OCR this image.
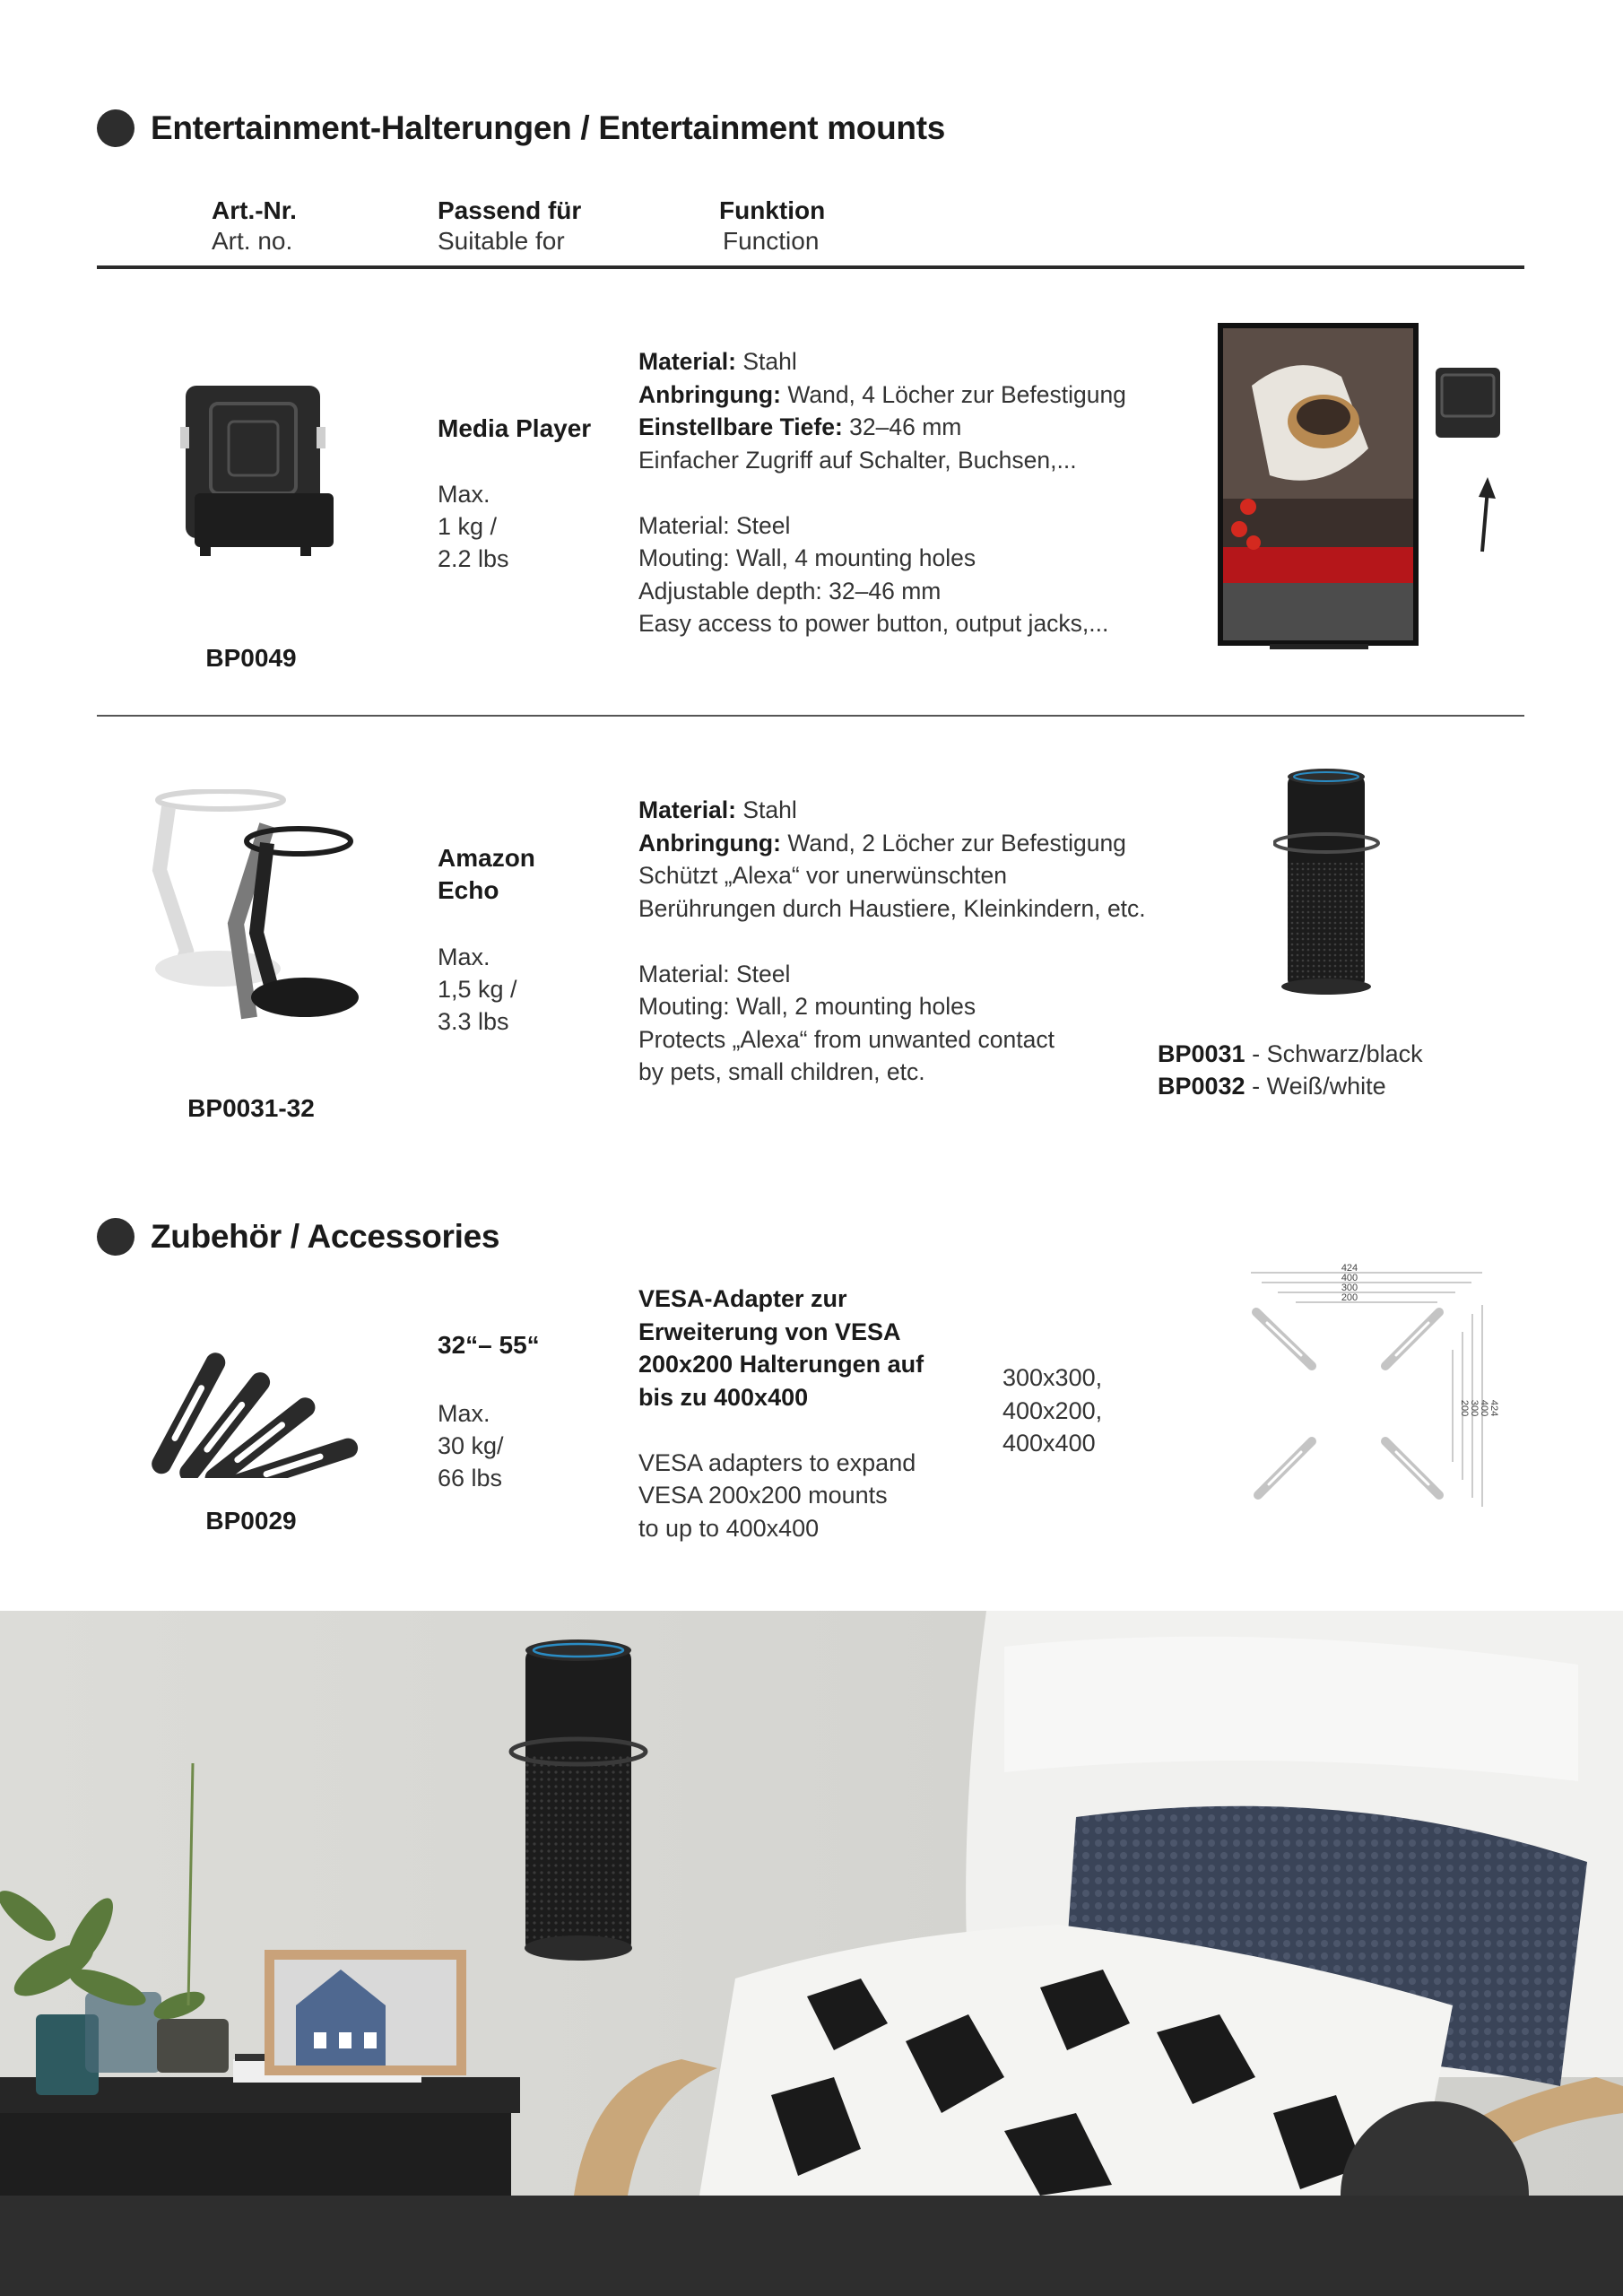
Entertainment-Halterungen / Entertainment mounts
Art.-Nr.
Art. no.
Passend für
Suitable for
Funktion
Function
BP0049
Media Player
Max.
1 kg /
2.2 lbs
Material: Stahl
Anbringung: Wand, 4 Löcher zur Befestigung
Einstellbare Tiefe: 32–46 mm
Einfacher Zugriff auf Schalter, Buchsen,...
Material: Steel
Mouting: Wall, 4 mounting holes
Adjustable depth: 32–46 mm
Easy access to power button, output jacks,...
BP0031-32
Amazon
Echo
Max.
1,5 kg /
3.3 lbs
Material: Stahl
Anbringung: Wand, 2 Löcher zur Befestigung
Schützt „Alexa“ vor unerwünschten
Berührungen durch Haustiere, Kleinkindern, etc.
Material: Steel
Mouting: Wall, 2 mounting holes
Protects „Alexa“ from unwanted contact
by pets, small children, etc.
BP0031 - Schwarz/black
BP0032 - Weiß/white
Zubehör / Accessories
BP0029
32“– 55“
Max.
30 kg/
66 lbs
VESA-Adapter zur
Erweiterung von VESA
200x200 Halterungen auf
bis zu 400x400
VESA adapters to expand
VESA 200x200 mounts
to up to 400x400
300x300,
400x200,
400x400
424
400
300
200
424
400
300
200
